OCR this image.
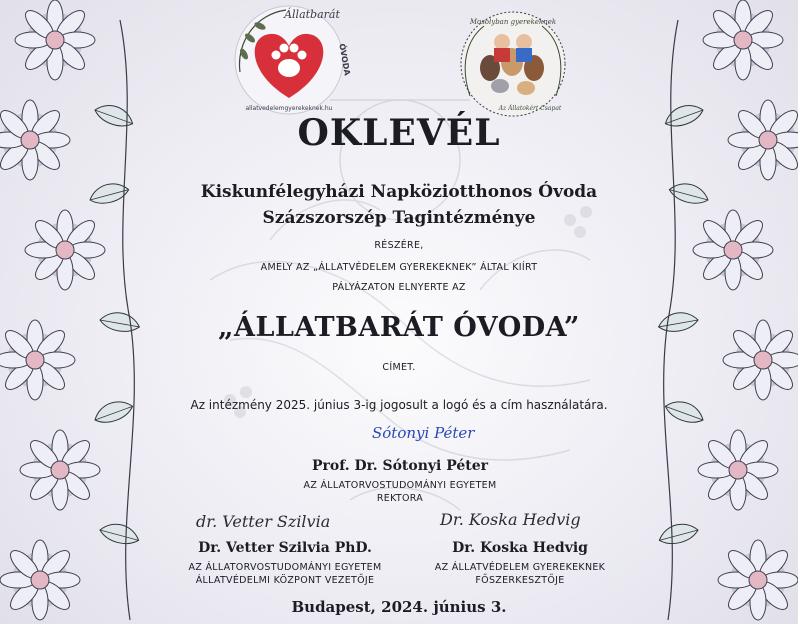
Állatbarát
ÓVODA
allatvedelemgyerekeknek.hu
Mosolyban gyerekeknek
Az Állatokért Csapat
OKLEVÉL
Kiskunfélegyházi Napköziotthonos Óvoda
Százszorszép Tagintézménye
RÉSZÉRE,
AMELY AZ „ÁLLATVÉDELEM GYEREKEKNEK” ÁLTAL KIÍRT
PÁLYÁZATON ELNYERTE AZ
„ÁLLATBARÁT ÓVODA”
CÍMET.
Az intézmény 2025. június 3-ig jogosult a logó és a cím használatára.
Sótonyi Péter
Prof. Dr. Sótonyi Péter
AZ ÁLLATORVOSTUDOMÁNYI EGYETEM
REKTORA
dr. Vetter Szilvia
Dr. Vetter Szilvia PhD.
AZ ÁLLATORVOSTUDOMÁNYI EGYETEM
ÁLLATVÉDELMI KÖZPONT VEZETŐJE
Dr. Koska Hedvig
Dr. Koska Hedvig
AZ ÁLLATVÉDELEM GYEREKEKNEK
FŐSZERKESZTŐJE
Budapest, 2024. június 3.
